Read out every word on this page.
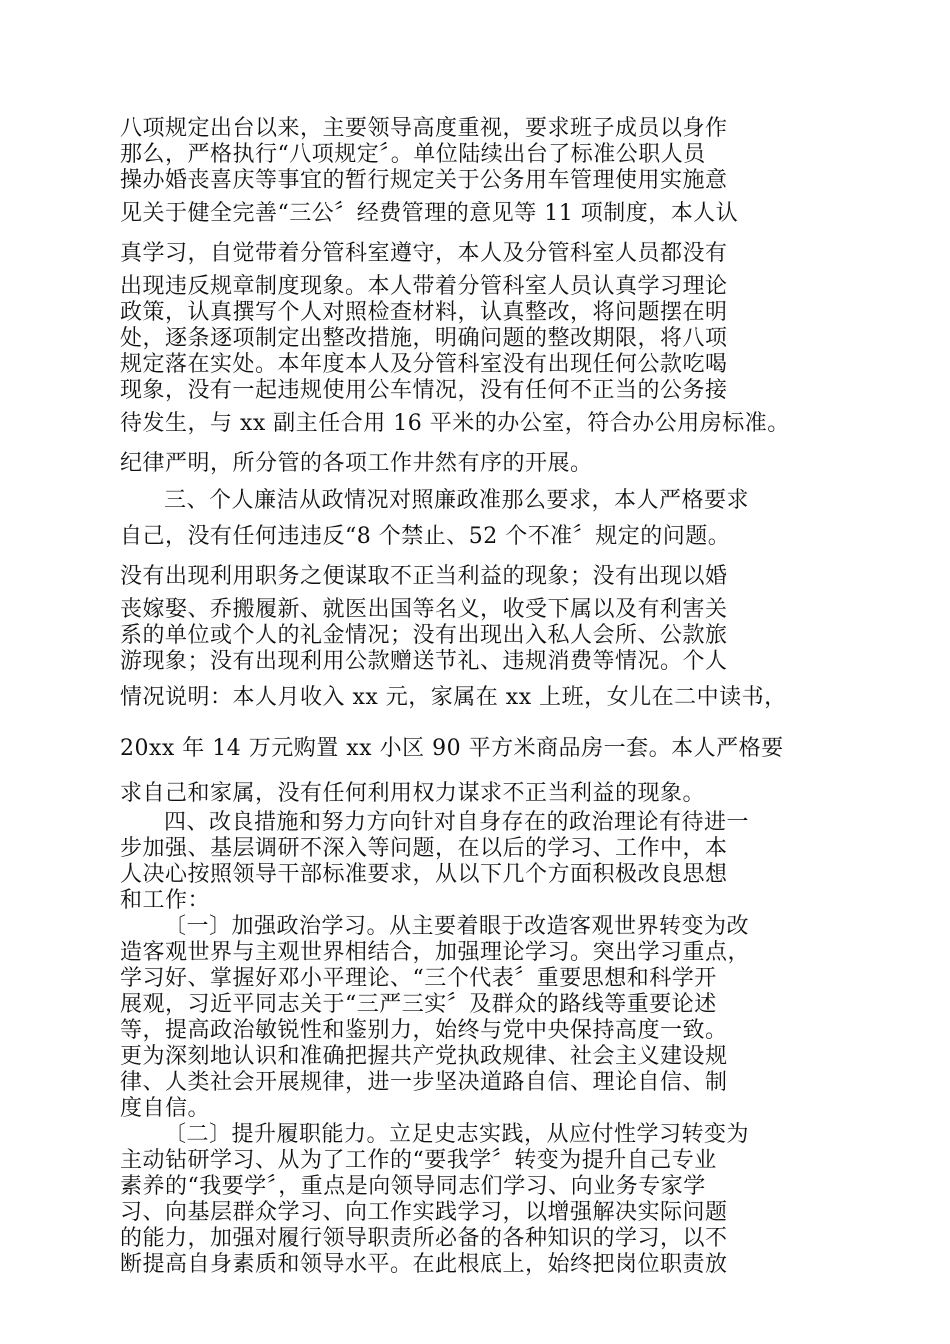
八项规定出台以来，主要领导高度重视，要求班子成员以身作
那么，严格执行“八项规定〞。单位陆续出台了标准公职人员
操办婚丧喜庆等事宜的暂行规定关于公务用车管理使用实施意
见关于健全完善“三公〞经费管理的意见等 11 项制度，本人认
真学习，自觉带着分管科室遵守，本人及分管科室人员都没有
出现违反规章制度现象。本人带着分管科室人员认真学习理论
政策，认真撰写个人对照检查材料，认真整改，将问题摆在明
处，逐条逐项制定出整改措施，明确问题的整改期限，将八项
规定落在实处。本年度本人及分管科室没有出现任何公款吃喝
现象，没有一起违规使用公车情况，没有任何不正当的公务接
待发生，与 xx 副主任合用 16 平米的办公室，符合办公用房标准。
纪律严明，所分管的各项工作井然有序的开展。
三、个人廉洁从政情况对照廉政准那么要求，本人严格要求
自己，没有任何违违反“8 个禁止、52 个不准〞规定的问题。
没有出现利用职务之便谋取不正当利益的现象；没有出现以婚
丧嫁娶、乔搬履新、就医出国等名义，收受下属以及有利害关
系的单位或个人的礼金情况；没有出现出入私人会所、公款旅
游现象；没有出现利用公款赠送节礼、违规消费等情况。个人
情况说明：本人月收入 xx 元，家属在 xx 上班，女儿在二中读书，
20xx 年 14 万元购置 xx 小区 90 平方米商品房一套。本人严格要
求自己和家属，没有任何利用权力谋求不正当利益的现象。
四、改良措施和努力方向针对自身存在的政治理论有待进一
步加强、基层调研不深入等问题，在以后的学习、工作中，本
人决心按照领导干部标准要求，从以下几个方面积极改良思想
和工作：
〔一〕加强政治学习。从主要着眼于改造客观世界转变为改
造客观世界与主观世界相结合，加强理论学习。突出学习重点，
学习好、掌握好邓小平理论、“三个代表〞重要思想和科学开
展观，习近平同志关于“三严三实〞及群众的路线等重要论述
等，提高政治敏锐性和鉴别力，始终与党中央保持高度一致。
更为深刻地认识和准确把握共产党执政规律、社会主义建设规
律、人类社会开展规律，进一步坚决道路自信、理论自信、制
度自信。
〔二〕提升履职能力。立足史志实践，从应付性学习转变为
主动钻研学习、从为了工作的“要我学〞转变为提升自己专业
素养的“我要学〞，重点是向领导同志们学习、向业务专家学
习、向基层群众学习、向工作实践学习，以增强解决实际问题
的能力，加强对履行领导职责所必备的各种知识的学习，以不
断提高自身素质和领导水平。在此根底上，始终把岗位职责放
